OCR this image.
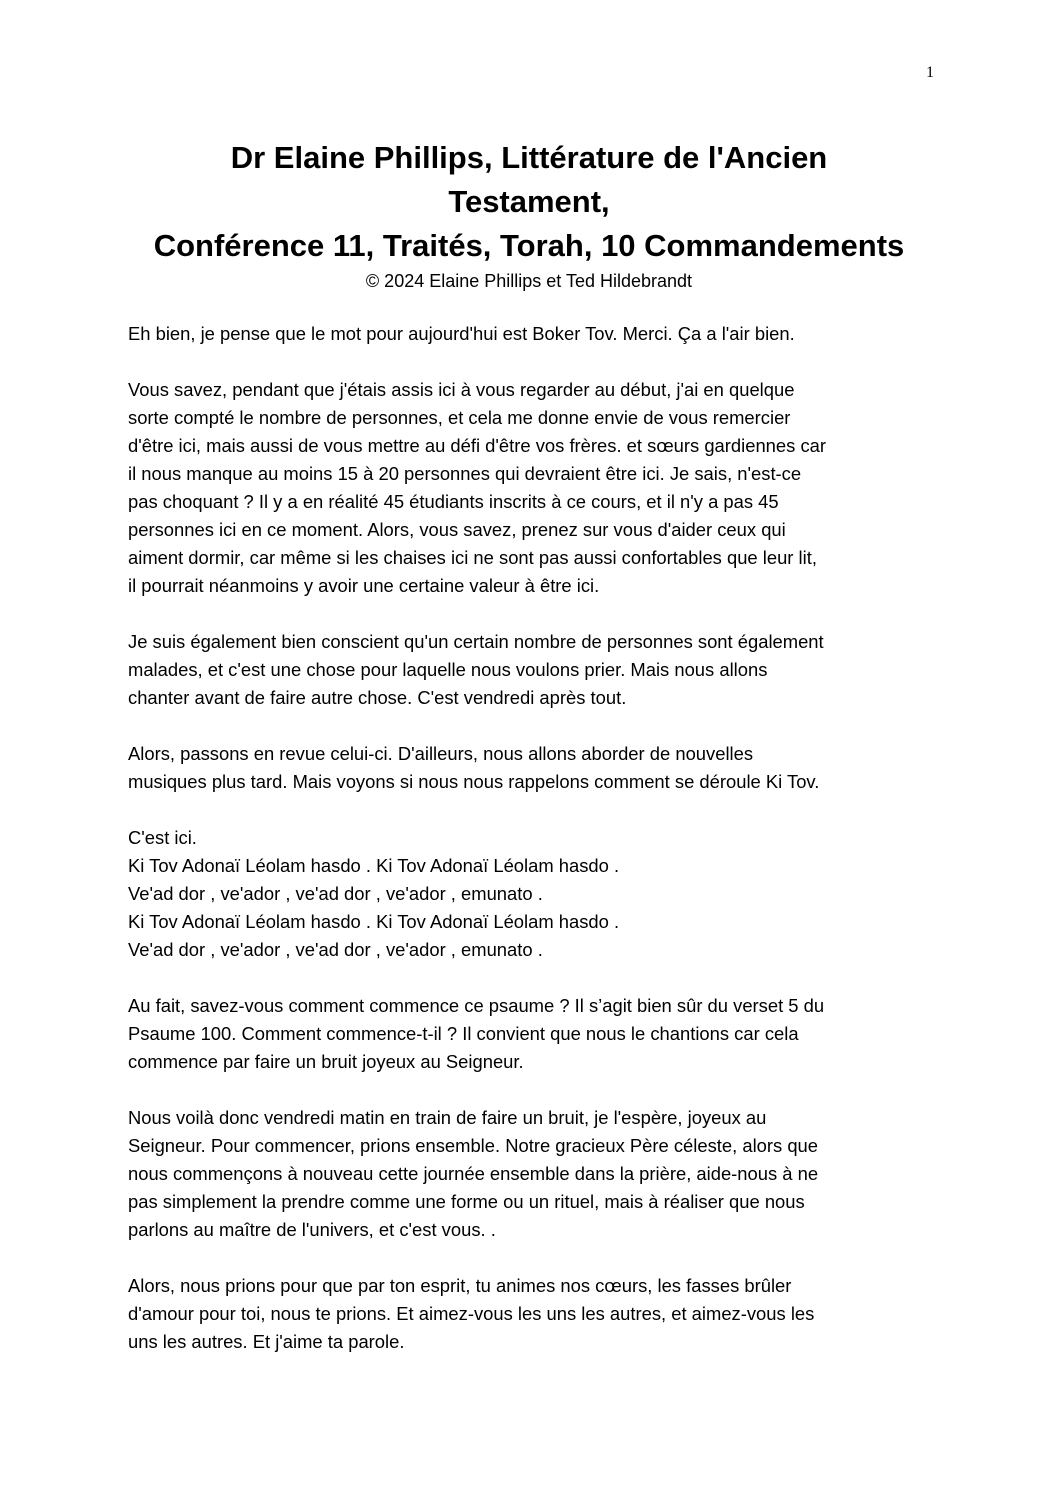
1
Dr Elaine Phillips, Littérature de l'Ancien
Testament,
Conférence 11, Traités, Torah, 10 Commandements
© 2024 Elaine Phillips et Ted Hildebrandt

Eh bien, je pense que le mot pour aujourd'hui est Boker Tov. Merci. Ça a l'air bien.

Vous savez, pendant que j'étais assis ici à vous regarder au début, j'ai en quelque
sorte compté le nombre de personnes, et cela me donne envie de vous remercier
d'être ici, mais aussi de vous mettre au défi d'être vos frères. et sœurs gardiennes car
il nous manque au moins 15 à 20 personnes qui devraient être ici. Je sais, n'est-ce
pas choquant ? Il y a en réalité 45 étudiants inscrits à ce cours, et il n'y a pas 45
personnes ici en ce moment. Alors, vous savez, prenez sur vous d'aider ceux qui
aiment dormir, car même si les chaises ici ne sont pas aussi confortables que leur lit,
il pourrait néanmoins y avoir une certaine valeur à être ici.

Je suis également bien conscient qu'un certain nombre de personnes sont également
malades, et c'est une chose pour laquelle nous voulons prier. Mais nous allons
chanter avant de faire autre chose. C'est vendredi après tout.

Alors, passons en revue celui-ci. D'ailleurs, nous allons aborder de nouvelles
musiques plus tard. Mais voyons si nous nous rappelons comment se déroule Ki Tov.

C'est ici.
Ki Tov Adonaï Léolam hasdo . Ki Tov Adonaï Léolam hasdo .
Ve'ad dor , ve'ador , ve'ad dor , ve'ador , emunato .
Ki Tov Adonaï Léolam hasdo . Ki Tov Adonaï Léolam hasdo .
Ve'ad dor , ve'ador , ve'ad dor , ve'ador , emunato .

Au fait, savez-vous comment commence ce psaume ? Il s’agit bien sûr du verset 5 du
Psaume 100. Comment commence-t-il ? Il convient que nous le chantions car cela
commence par faire un bruit joyeux au Seigneur.

Nous voilà donc vendredi matin en train de faire un bruit, je l'espère, joyeux au
Seigneur. Pour commencer, prions ensemble. Notre gracieux Père céleste, alors que
nous commençons à nouveau cette journée ensemble dans la prière, aide-nous à ne
pas simplement la prendre comme une forme ou un rituel, mais à réaliser que nous
parlons au maître de l'univers, et c'est vous. .

Alors, nous prions pour que par ton esprit, tu animes nos cœurs, les fasses brûler
d'amour pour toi, nous te prions. Et aimez-vous les uns les autres, et aimez-vous les
uns les autres. Et j'aime ta parole.
